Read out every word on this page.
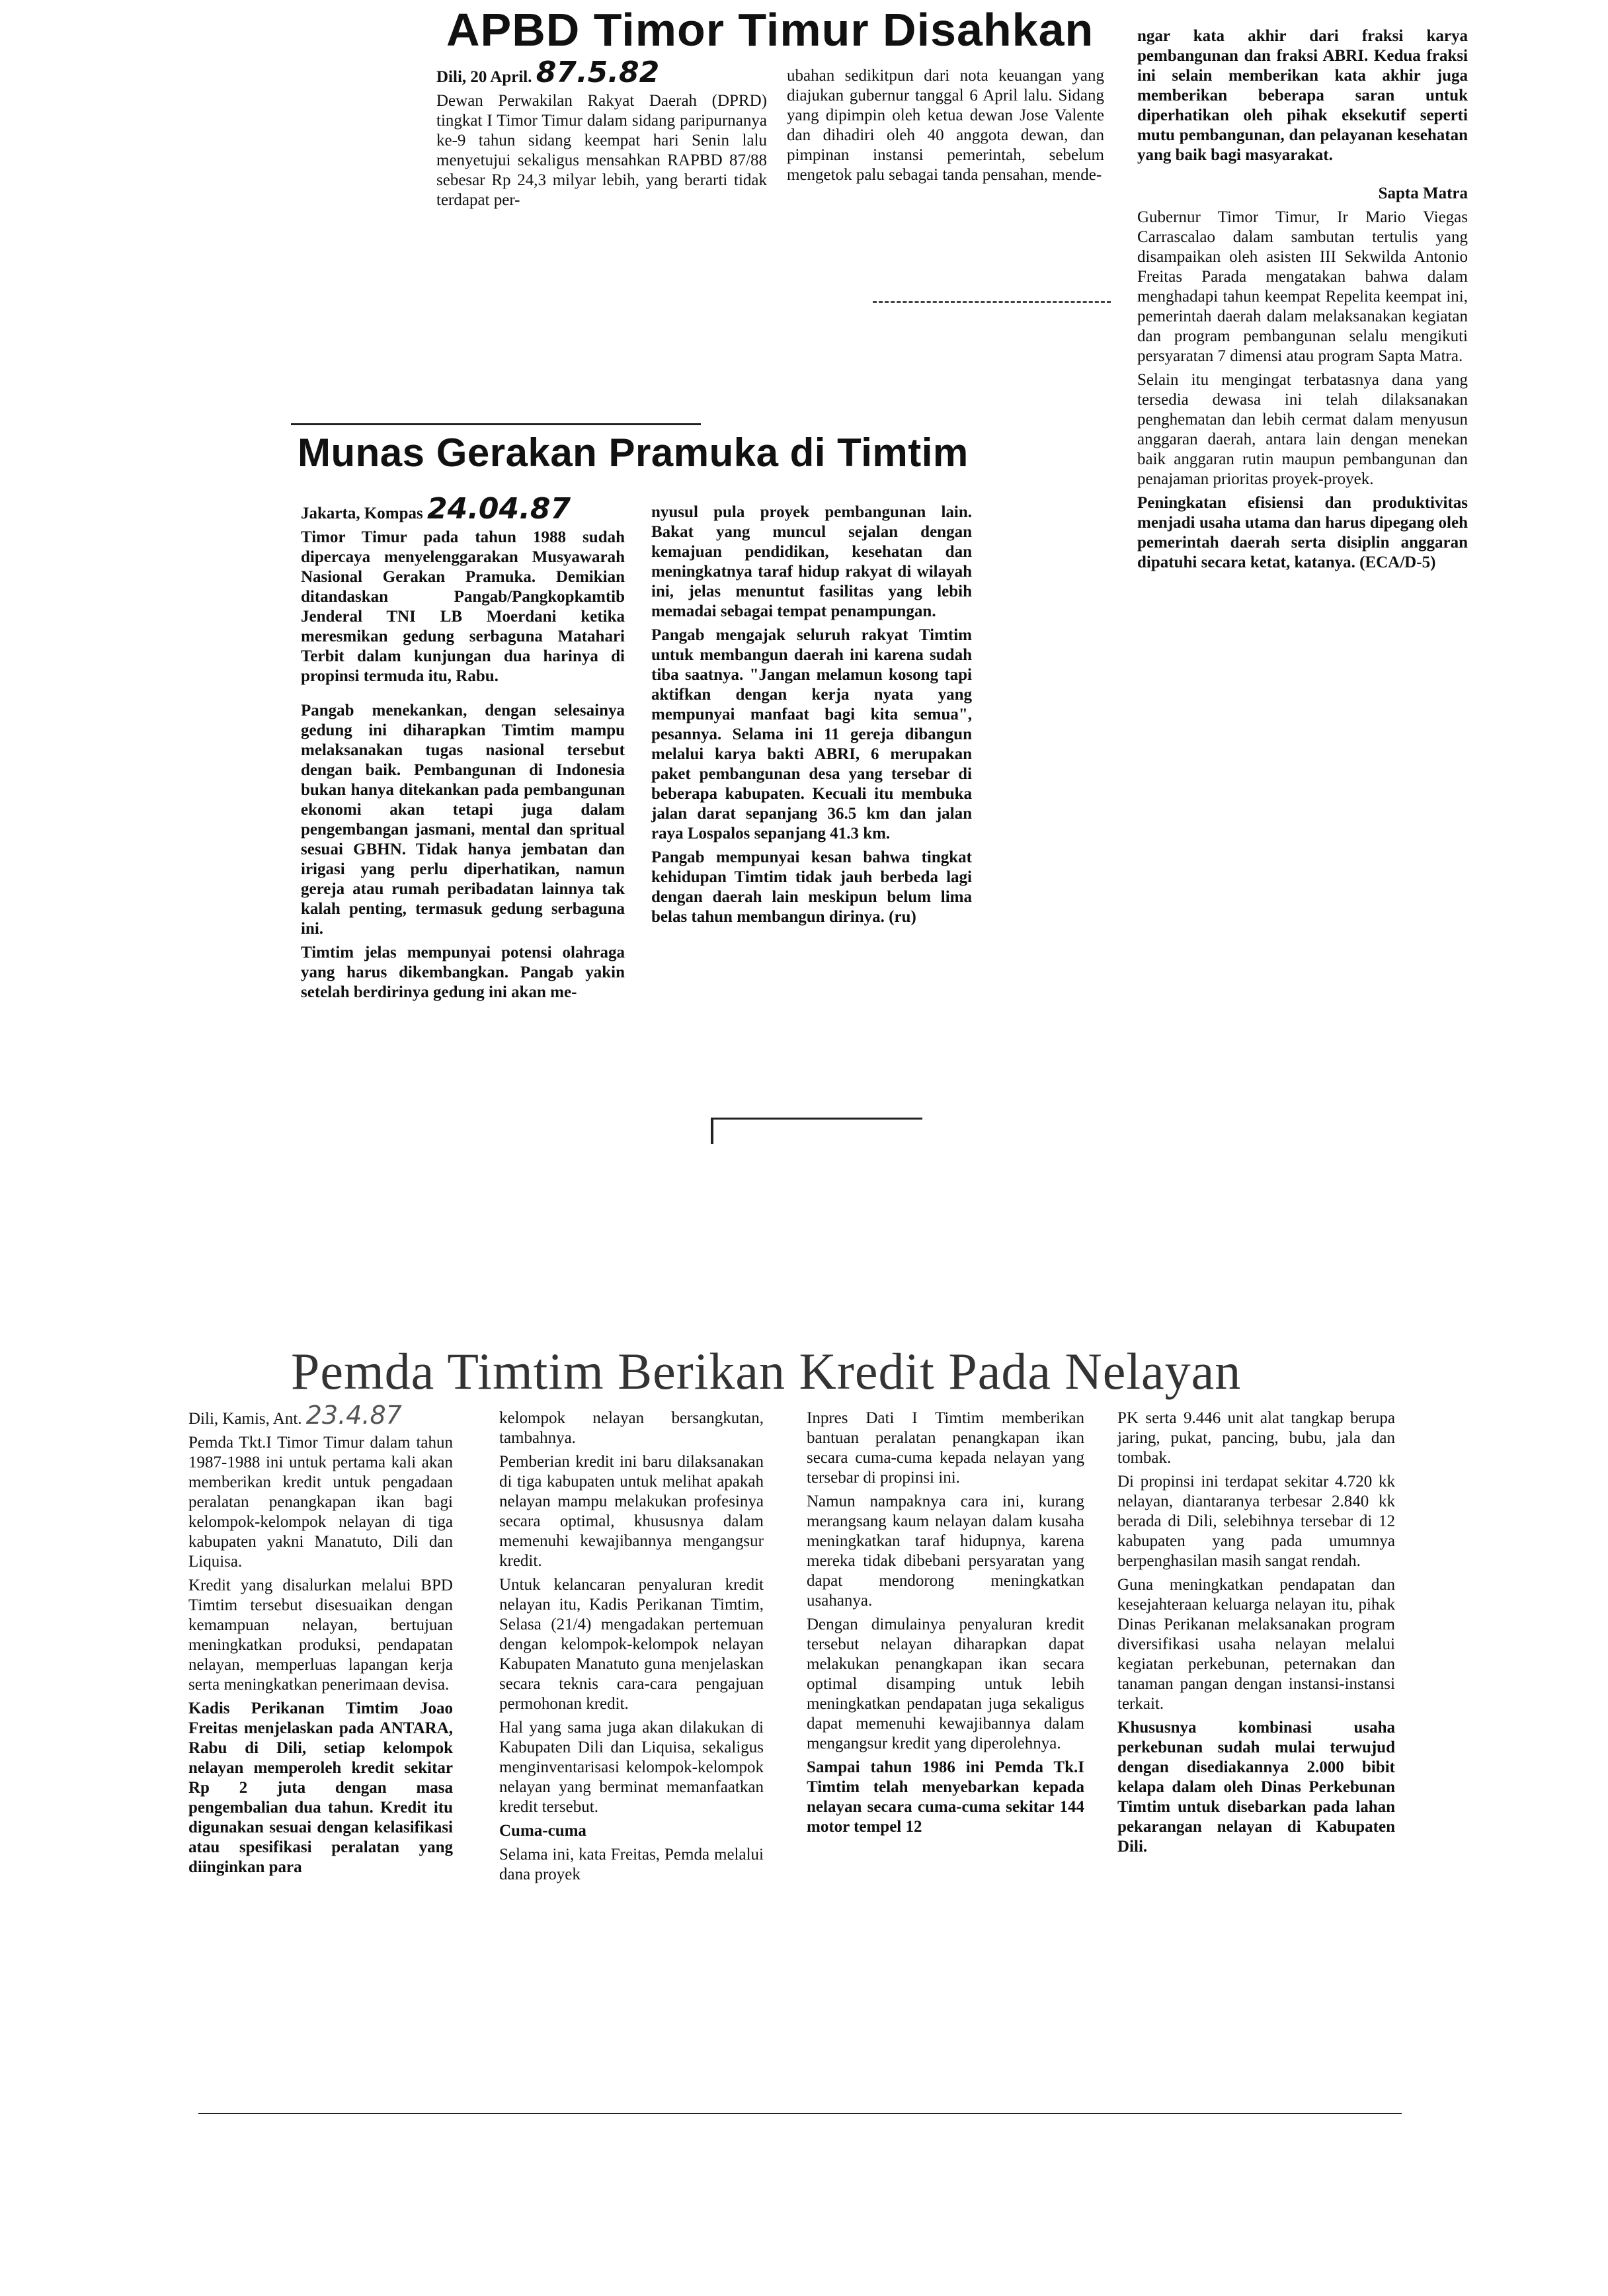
APBD Timor Timur Disahkan

Dili, 20 April. 87.5.82

Dewan Perwakilan Rakyat Daerah (DPRD) tingkat I Timor Timur dalam sidang paripurnanya ke-9 tahun sidang keempat hari Senin lalu menyetujui sekaligus mensahkan RAPBD 87/88 sebesar Rp 24,3 milyar lebih, yang berarti tidak terdapat per-

ubahan sedikitpun dari nota keuangan yang diajukan gubernur tanggal 6 April lalu. Sidang yang dipimpin oleh ketua dewan Jose Valente dan dihadiri oleh 40 anggota dewan, dan pimpinan instansi pemerintah, sebelum mengetok palu sebagai tanda pensahan, mende-

ngar kata akhir dari fraksi karya pembangunan dan fraksi ABRI. Kedua fraksi ini selain memberikan kata akhir juga memberikan beberapa saran untuk diperhatikan oleh pihak eksekutif seperti mutu pembangunan, dan pelayanan kesehatan yang baik bagi masyarakat.

Sapta Matra

Gubernur Timor Timur, Ir Mario Viegas Carrascalao dalam sambutan tertulis yang disampaikan oleh asisten III Sekwilda Antonio Freitas Parada mengatakan bahwa dalam menghadapi tahun keempat Repelita keempat ini, pemerintah daerah dalam melaksanakan kegiatan dan program pembangunan selalu mengikuti persyaratan 7 dimensi atau program Sapta Matra.

Selain itu mengingat terbatasnya dana yang tersedia dewasa ini telah dilaksanakan penghematan dan lebih cermat dalam menyusun anggaran daerah, antara lain dengan menekan baik anggaran rutin maupun pembangunan dan penajaman prioritas proyek-proyek.

Peningkatan efisiensi dan produktivitas menjadi usaha utama dan harus dipegang oleh pemerintah daerah serta disiplin anggaran dipatuhi secara ketat, katanya. (ECA/D-5)

Munas Gerakan Pramuka di Timtim

Jakarta, Kompas 24.04.87

Timor Timur pada tahun 1988 sudah dipercaya menyelenggarakan Musyawarah Nasional Gerakan Pramuka. Demikian ditandaskan Pangab/Pangkopkamtib Jenderal TNI LB Moerdani ketika meresmikan gedung serbaguna Matahari Terbit dalam kunjungan dua harinya di propinsi termuda itu, Rabu.

Pangab menekankan, dengan selesainya gedung ini diharapkan Timtim mampu melaksanakan tugas nasional tersebut dengan baik. Pembangunan di Indonesia bukan hanya ditekankan pada pembangunan ekonomi akan tetapi juga dalam pengembangan jasmani, mental dan spritual sesuai GBHN. Tidak hanya jembatan dan irigasi yang perlu diperhatikan, namun gereja atau rumah peribadatan lainnya tak kalah penting, termasuk gedung serbaguna ini.

Timtim jelas mempunyai potensi olahraga yang harus dikembangkan. Pangab yakin setelah berdirinya gedung ini akan me-

nyusul pula proyek pembangunan lain. Bakat yang muncul sejalan dengan kemajuan pendidikan, kesehatan dan meningkatnya taraf hidup rakyat di wilayah ini, jelas menuntut fasilitas yang lebih memadai sebagai tempat penampungan.

Pangab mengajak seluruh rakyat Timtim untuk membangun daerah ini karena sudah tiba saatnya. "Jangan melamun kosong tapi aktifkan dengan kerja nyata yang mempunyai manfaat bagi kita semua", pesannya. Selama ini 11 gereja dibangun melalui karya bakti ABRI, 6 merupakan paket pembangunan desa yang tersebar di beberapa kabupaten. Kecuali itu membuka jalan darat sepanjang 36.5 km dan jalan raya Lospalos sepanjang 41.3 km.

Pangab mempunyai kesan bahwa tingkat kehidupan Timtim tidak jauh berbeda lagi dengan daerah lain meskipun belum lima belas tahun membangun dirinya. (ru)

Pemda Timtim Berikan Kredit Pada Nelayan

Dili, Kamis, Ant. 23.4.87

Pemda Tkt.I Timor Timur dalam tahun 1987-1988 ini untuk pertama kali akan memberikan kredit untuk pengadaan peralatan penangkapan ikan bagi kelompok-kelompok nelayan di tiga kabupaten yakni Manatuto, Dili dan Liquisa.

Kredit yang disalurkan melalui BPD Timtim tersebut disesuaikan dengan kemampuan nelayan, bertujuan meningkatkan produksi, pendapatan nelayan, memperluas lapangan kerja serta meningkatkan penerimaan devisa.

Kadis Perikanan Timtim Joao Freitas menjelaskan pada ANTARA, Rabu di Dili, setiap kelompok nelayan memperoleh kredit sekitar Rp 2 juta dengan masa pengembalian dua tahun. Kredit itu digunakan sesuai dengan kelasifikasi atau spesifikasi peralatan yang diinginkan para

kelompok nelayan bersangkutan, tambahnya.

Pemberian kredit ini baru dilaksanakan di tiga kabupaten untuk melihat apakah nelayan mampu melakukan profesinya secara optimal, khususnya dalam memenuhi kewajibannya mengangsur kredit.

Untuk kelancaran penyaluran kredit nelayan itu, Kadis Perikanan Timtim, Selasa (21/4) mengadakan pertemuan dengan kelompok-kelompok nelayan Kabupaten Manatuto guna menjelaskan secara teknis cara-cara pengajuan permohonan kredit.

Hal yang sama juga akan dilakukan di Kabupaten Dili dan Liquisa, sekaligus menginventarisasi kelompok-kelompok nelayan yang berminat memanfaatkan kredit tersebut.

Cuma-cuma

Selama ini, kata Freitas, Pemda melalui dana proyek

Inpres Dati I Timtim memberikan bantuan peralatan penangkapan ikan secara cuma-cuma kepada nelayan yang tersebar di propinsi ini.

Namun nampaknya cara ini, kurang merangsang kaum nelayan dalam kusaha meningkatkan taraf hidupnya, karena mereka tidak dibebani persyaratan yang dapat mendorong meningkatkan usahanya.

Dengan dimulainya penyaluran kredit tersebut nelayan diharapkan dapat melakukan penangkapan ikan secara optimal disamping untuk lebih meningkatkan pendapatan juga sekaligus dapat memenuhi kewajibannya dalam mengangsur kredit yang diperolehnya.

Sampai tahun 1986 ini Pemda Tk.I Timtim telah menyebarkan kepada nelayan secara cuma-cuma sekitar 144 motor tempel 12

PK serta 9.446 unit alat tangkap berupa jaring, pukat, pancing, bubu, jala dan tombak.

Di propinsi ini terdapat sekitar 4.720 kk nelayan, diantaranya terbesar 2.840 kk berada di Dili, selebihnya tersebar di 12 kabupaten yang pada umumnya berpenghasilan masih sangat rendah.

Guna meningkatkan pendapatan dan kesejahteraan keluarga nelayan itu, pihak Dinas Perikanan melaksanakan program diversifikasi usaha nelayan melalui kegiatan perkebunan, peternakan dan tanaman pangan dengan instansi-instansi terkait.

Khususnya kombinasi usaha perkebunan sudah mulai terwujud dengan disediakannya 2.000 bibit kelapa dalam oleh Dinas Perkebunan Timtim untuk disebarkan pada lahan pekarangan nelayan di Kabupaten Dili.
